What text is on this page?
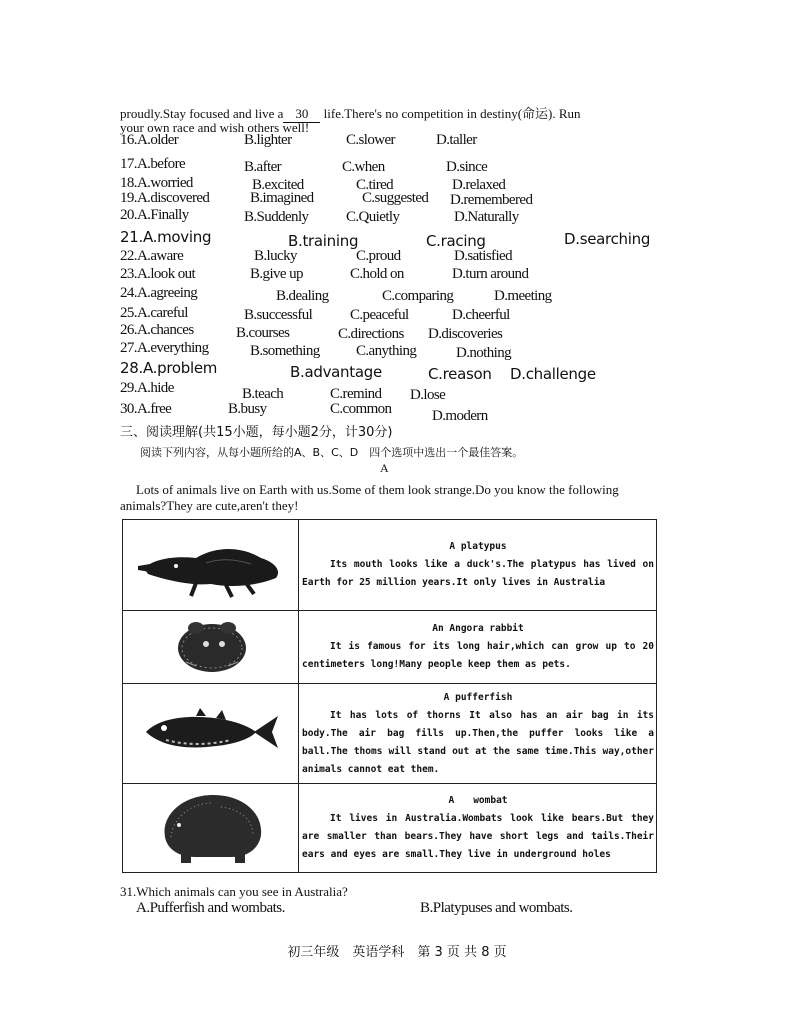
proudly.Stay focused and live a 30 life.There's no competition in destiny(命运). Run
your own race and wish others well!
16.A.older	B.lighter	C.slower	D.taller
17.A.before	B.after	C.when	D.since
18.A.worried	B.excited	C.tired	D.relaxed
19.A.discovered	B.imagined	C.suggested D.remembered
20.A.Finally	B.Suddenly	C.Quietly	D.Naturally
21.A.moving	B.training	C.racing	D.searching
22.A.aware	B.lucky	C.proud	D.satisfied
23.A.look out	B.give up	C.hold on	D.turn around
24.A.agreeing	B.dealing	C.comparing	D.meeting
25.A.careful	B.successful	C.peaceful	D.cheerful
26.A.chances	B.courses	C.directions D.discoveries
27.A.everything	B.something C.anything	D.nothing
28.A.problem	B.advantage	C.reason D.challenge
29.A.hide	B.teach	C.remind D.lose
30.A.free	B.busy	C.common	D.modern
三、阅读理解(共15小题，每小题2分，计30分)
阅读下列内容，从每小题所给的A、B、C、D　四个选项中选出一个最佳答案。
A
Lots of animals live on Earth with us.Some of them look strange.Do you know the following animals?They are cute,aren't they!

A platypus
Its mouth looks like a duck's.The platypus has lived on Earth for 25 million years.It only lives in Australia

An Angora rabbit
It is famous for its long hair,which can grow up to 20 centimeters long!Many people keep them as pets.

A pufferfish
It has lots of thorns It also has an air bag in its body.The air bag fills up.Then,the puffer looks like a ball.The thoms will stand out at the same time.This way,other animals cannot eat them.

A　　wombat
It lives in Australia.Wombats look like bears.But they are smaller than bears.They have short legs and tails.Their ears and eyes are small.They live in underground holes
31.Which animals can you see in Australia?
A.Pufferfish and wombats.	B.Platypuses and wombats.
初三年级　英语学科　第 3 页 共 8 页
